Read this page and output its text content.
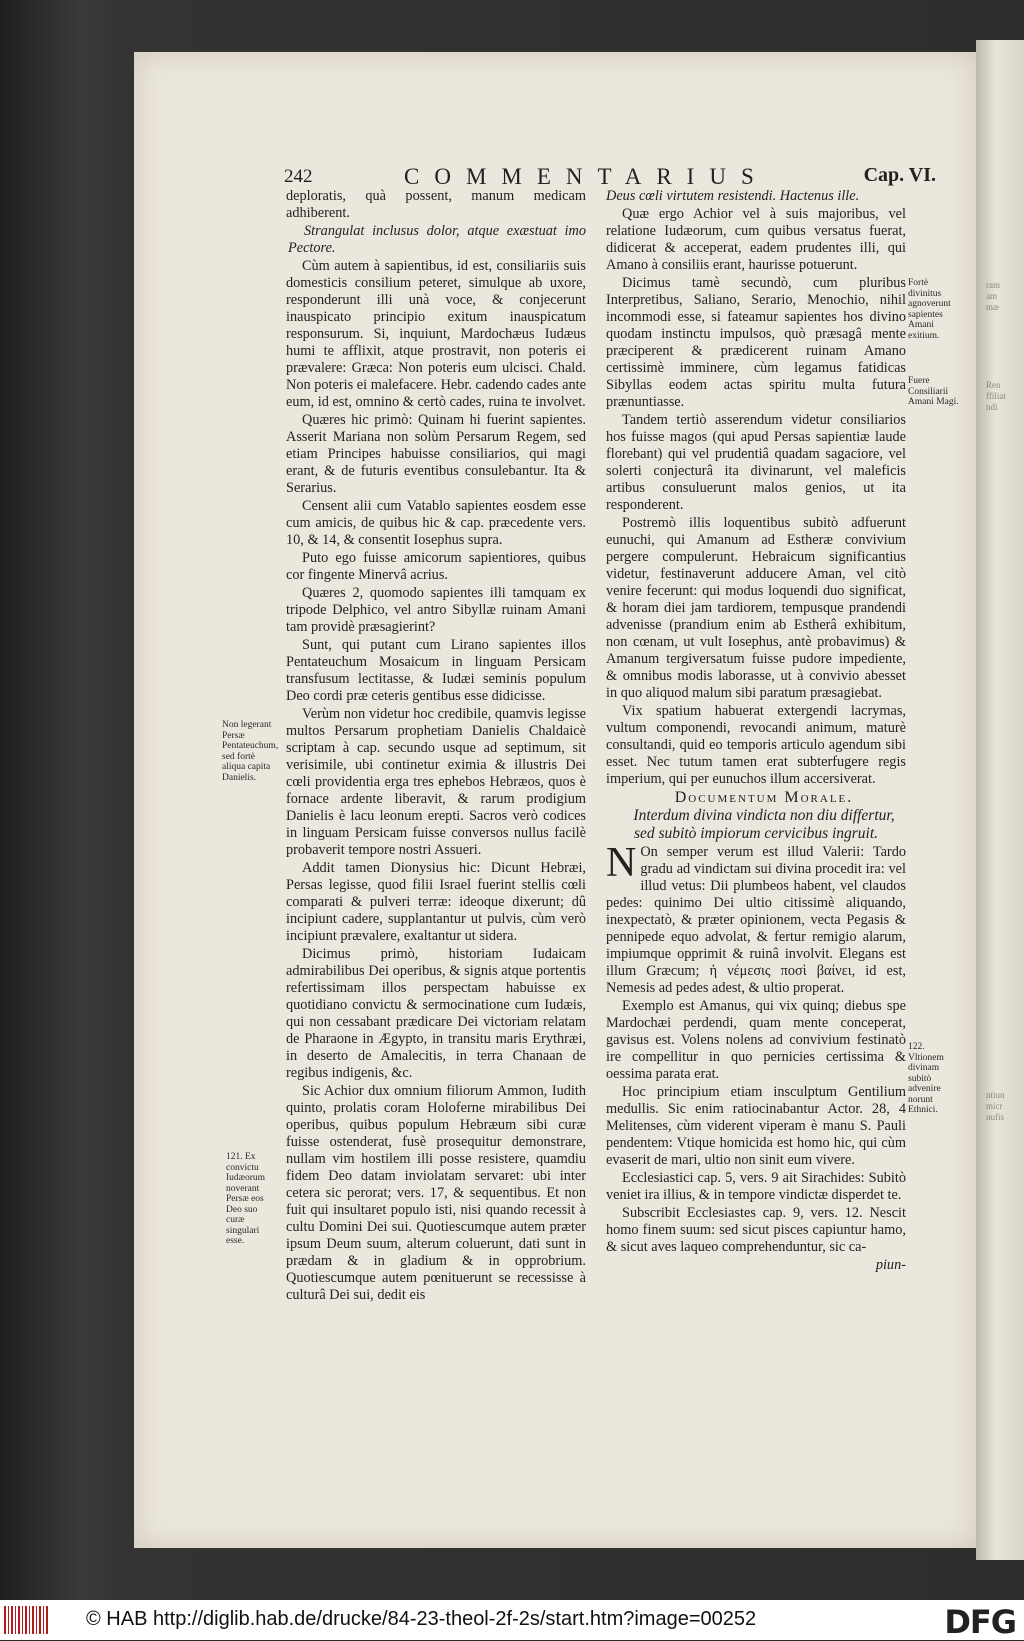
ram
am
mæ
Ren
ffiliat
ndi
ntiun
micr
nufis
242	COMMENTARIUS	Cap. VI.

deploratis, quà possent, manum medicam adhiberent.

Strangulat inclusus dolor, atque exæstuat imo Pectore.

Cùm autem à sapientibus, id est, consiliariis suis domesticis consilium peteret, simulque ab uxore, responderunt illi unà voce, & conjecerunt inauspicato principio exitum inauspicatum responsurum. Si, inquiunt, Mardochæus Iudæus humi te afflixit, atque prostravit, non poteris ei prævalere: Græca: Non poteris eum ulcisci. Chald. Non poteris ei malefacere. Hebr. cadendo cades ante eum, id est, omnino & certò cades, ruina te involvet.

Quæres hic primò: Quinam hi fuerint sapientes. Asserit Mariana non solùm Persarum Regem, sed etiam Principes habuisse consiliarios, qui magi erant, & de futuris eventibus consulebantur. Ita & Serarius.

Censent alii cum Vatablo sapientes eosdem esse cum amicis, de quibus hic & cap. præcedente vers. 10, & 14, & consentit Iosephus supra.

Puto ego fuisse amicorum sapientiores, quibus cor fingente Minervâ acrius.

Quæres 2, quomodo sapientes illi tamquam ex tripode Delphico, vel antro Sibyllæ ruinam Amani tam providè præsagierint?

Sunt, qui putant cum Lirano sapientes illos Pentateuchum Mosaicum in linguam Persicam transfusum lectitasse, & Iudæi seminis populum Deo cordi præ ceteris gentibus esse didicisse.

Verùm non videtur hoc credibile, quamvis legisse multos Persarum prophetiam Danielis Chaldaicè scriptam à cap. secundo usque ad septimum, sit verisimile, ubi continetur eximia & illustris Dei cœli providentia erga tres ephebos Hebræos, quos è fornace ardente liberavit, & rarum prodigium Danielis è lacu leonum erepti. Sacros verò codices in linguam Persicam fuisse conversos nullus facilè probaverit tempore nostri Assueri.

Addit tamen Dionysius hic: Dicunt Hebræi, Persas legisse, quod filii Israel fuerint stellis cœli comparati & pulveri terræ: ideoque dixerunt; dû incipiunt cadere, supplantantur ut pulvis, cùm verò incipiunt prævalere, exaltantur ut sidera.

Dicimus primò, historiam Iudaicam admirabilibus Dei operibus, & signis atque portentis refertissimam illos perspectam habuisse ex quotidiano convictu & sermocinatione cum Iudæis, qui non cessabant prædicare Dei victoriam relatam de Pharaone in Ægypto, in transitu maris Erythræi, in deserto de Amalecitis, in terra Chanaan de regibus indigenis, &c.

Sic Achior dux omnium filiorum Ammon, Iudith quinto, prolatis coram Holoferne mirabilibus Dei operibus, quibus populum Hebræum sibi curæ fuisse ostenderat, fusè prosequitur demonstrare, nullam vim hostilem illi posse resistere, quamdiu fidem Deo datam inviolatam servaret: ubi inter cetera sic perorat; vers. 17, & sequentibus. Et non fuit qui insultaret populo isti, nisi quando recessit à cultu Domini Dei sui. Quotiescumque autem præter ipsum Deum suum, alterum coluerunt, dati sunt in prædam & in gladium & in opprobrium. Quotiescumque autem pœnituerunt se recessisse à culturâ Dei sui, dedit eis

Deus cœli virtutem resistendi. Hactenus ille.

Quæ ergo Achior vel à suis majoribus, vel relatione Iudæorum, cum quibus versatus fuerat, didicerat & acceperat, eadem prudentes illi, qui Amano à consiliis erant, haurisse potuerunt.

Dicimus tamè secundò, cum pluribus Interpretibus, Saliano, Serario, Menochio, nihil incommodi esse, si fateamur sapientes hos divino quodam instinctu impulsos, quò præsagâ mente præciperent & prædicerent ruinam Amano certissimè imminere, cùm legamus fatidicas Sibyllas eodem actas spiritu multa futura prænuntiasse.

Tandem tertiò asserendum videtur consiliarios hos fuisse magos (qui apud Persas sapientiæ laude florebant) qui vel prudentiâ quadam sagaciore, vel solerti conjecturâ ita divinarunt, vel maleficis artibus consuluerunt malos genios, ut ita responderent.

Postremò illis loquentibus subitò adfuerunt eunuchi, qui Amanum ad Estheræ convivium pergere compulerunt. Hebraicum significantius videtur, festinaverunt adducere Aman, vel citò venire fecerunt: qui modus loquendi duo significat, & horam diei jam tardiorem, tempusque prandendi advenisse (prandium enim ab Estherâ exhibitum, non cœnam, ut vult Iosephus, antè probavimus) & Amanum tergiversatum fuisse pudore impediente, & omnibus modis laborasse, ut à convivio abesset in quo aliquod malum sibi paratum præsagiebat.

Vix spatium habuerat extergendi lacrymas, vultum componendi, revocandi animum, maturè consultandi, quid eo temporis articulo agendum sibi esset. Nec tutum tamen erat subterfugere regis imperium, qui per eunuchos illum accersiverat.

Documentum Morale.

Interdum divina vindicta non diu differtur, sed subitò impiorum cervicibus ingruit.

N On semper verum est illud Valerii: Tardo gradu ad vindictam sui divina procedit ira: vel illud vetus: Dii plumbeos habent, vel claudos pedes: quinimo Dei ultio citissimè aliquando, inexpectatò, & præter opinionem, vecta Pegasis & pennipede equo advolat, & fertur remigio alarum, impiumque opprimit & ruinâ involvit. Elegans est illum Græcum; ἡ νέμεσις ποσὶ βαίνει, id est, Nemesis ad pedes adest, & ultio properat.

Exemplo est Amanus, qui vix quinq; diebus spe Mardochæi perdendi, quam mente conceperat, gavisus est. Volens nolens ad convivium festinatò ire compellitur in quo pernicies certissima & oessima parata erat.

Hoc principium etiam insculptum Gentilium medullis. Sic enim ratiocinabantur Actor. 28, 4 Melitenses, cùm viderent viperam è manu S. Pauli pendentem: Vtique homicida est homo hic, qui cùm evaserit de mari, ultio non sinit eum vivere.

Ecclesiastici cap. 5, vers. 9 ait Sirachides: Subitò veniet ira illius, & in tempore vindictæ disperdet te.

Subscribit Ecclesiastes cap. 9, vers. 12. Nescit homo finem suum: sed sicut pisces capiuntur hamo, & sicut aves laqueo comprehenduntur, sic ca-

piun-

Non legerant Persæ Pentateuchum, sed fortè aliqua capita Danielis.
121. Ex convictu Iudæorum noverant Persæ eos Deo suo curæ singulari esse.
Fortè divinitus agnoverunt sapientes Amani exitium.
Fuere Consiliarii Amani Magi.
122. Vltionem divinam subitò advenire norunt Ethnici.
© HAB http://diglib.hab.de/drucke/84-23-theol-2f-2s/start.htm?image=00252	DFG
